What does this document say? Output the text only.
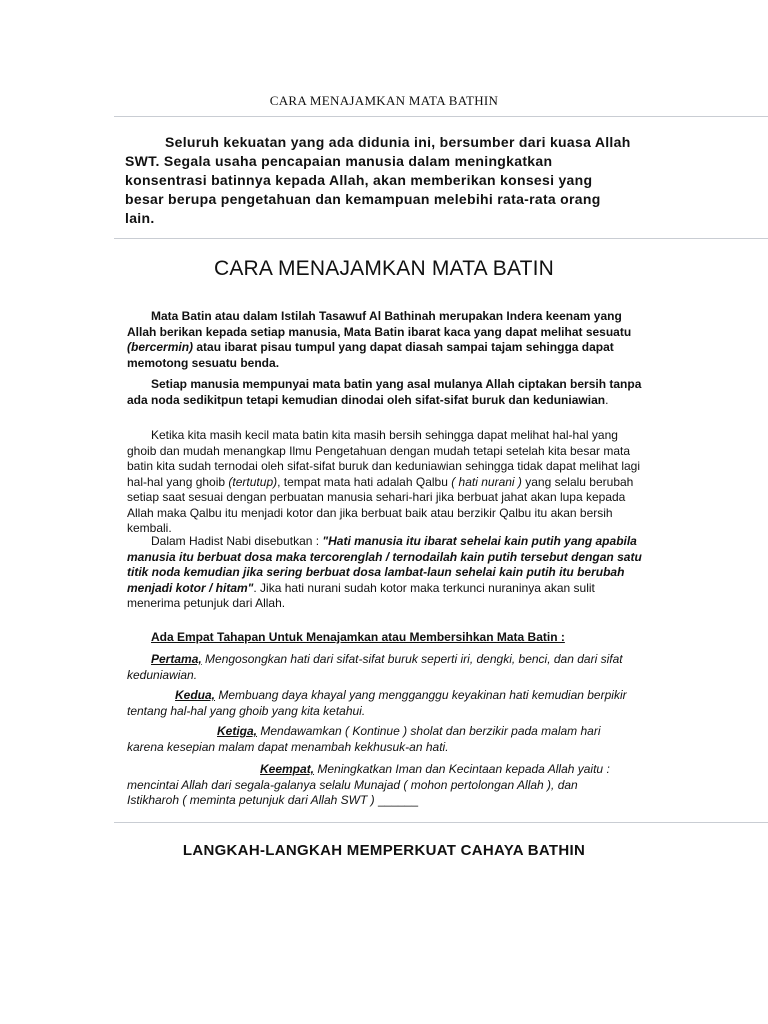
CARA MENAJAMKAN MATA BATHIN
Seluruh kekuatan yang ada didunia ini, bersumber dari kuasa Allah
SWT. Segala usaha pencapaian manusia dalam meningkatkan
konsentrasi batinnya kepada Allah, akan memberikan konsesi yang
besar berupa pengetahuan dan kemampuan melebihi rata-rata orang
lain.
CARA MENAJAMKAN MATA BATIN
Mata Batin atau dalam Istilah Tasawuf Al Bathinah merupakan Indera keenam yang Allah berikan kepada setiap manusia, Mata Batin ibarat kaca yang dapat melihat sesuatu (bercermin) atau ibarat pisau tumpul yang dapat diasah sampai tajam sehingga dapat memotong sesuatu benda.
Setiap manusia mempunyai mata batin yang asal mulanya Allah ciptakan bersih tanpa ada noda sedikitpun tetapi kemudian dinodai oleh sifat-sifat buruk dan keduniawian.
Ketika kita masih kecil mata batin kita masih bersih sehingga dapat melihat hal-hal yang ghoib dan mudah menangkap Ilmu Pengetahuan dengan mudah tetapi setelah kita besar mata batin kita sudah ternodai oleh sifat-sifat buruk dan keduniawian sehingga tidak dapat melihat lagi hal-hal yang ghoib (tertutup), tempat mata hati adalah Qalbu ( hati nurani ) yang selalu berubah setiap saat sesuai dengan perbuatan manusia sehari-hari jika berbuat jahat akan lupa kepada Allah maka Qalbu itu menjadi kotor dan jika berbuat baik atau berzikir Qalbu itu akan bersih kembali.
Dalam Hadist Nabi disebutkan : "Hati manusia itu ibarat sehelai kain putih yang apabila manusia itu berbuat dosa maka tercorenglah / ternodailah kain putih tersebut dengan satu titik noda kemudian jika sering berbuat dosa lambat-laun sehelai kain putih itu berubah menjadi kotor / hitam". Jika hati nurani sudah kotor maka terkunci nuraninya akan sulit menerima petunjuk dari Allah.
Ada Empat Tahapan Untuk Menajamkan atau Membersihkan Mata Batin :
Pertama, Mengosongkan hati dari sifat-sifat buruk seperti iri, dengki, benci, dan dari sifat keduniawian.
Kedua, Membuang daya khayal yang mengganggu keyakinan hati kemudian berpikir tentang hal-hal yang ghoib yang kita ketahui.
Ketiga, Mendawamkan ( Kontinue ) sholat dan berzikir pada malam hari karena kesepian malam dapat menambah kekhusuk-an hati.
Keempat, Meningkatkan Iman dan Kecintaan kepada Allah yaitu : mencintai Allah dari segala-galanya selalu Munajad ( mohon pertolongan Allah ), dan Istikharoh ( meminta petunjuk dari Allah SWT ) ______
LANGKAH-LANGKAH MEMPERKUAT CAHAYA BATHIN
